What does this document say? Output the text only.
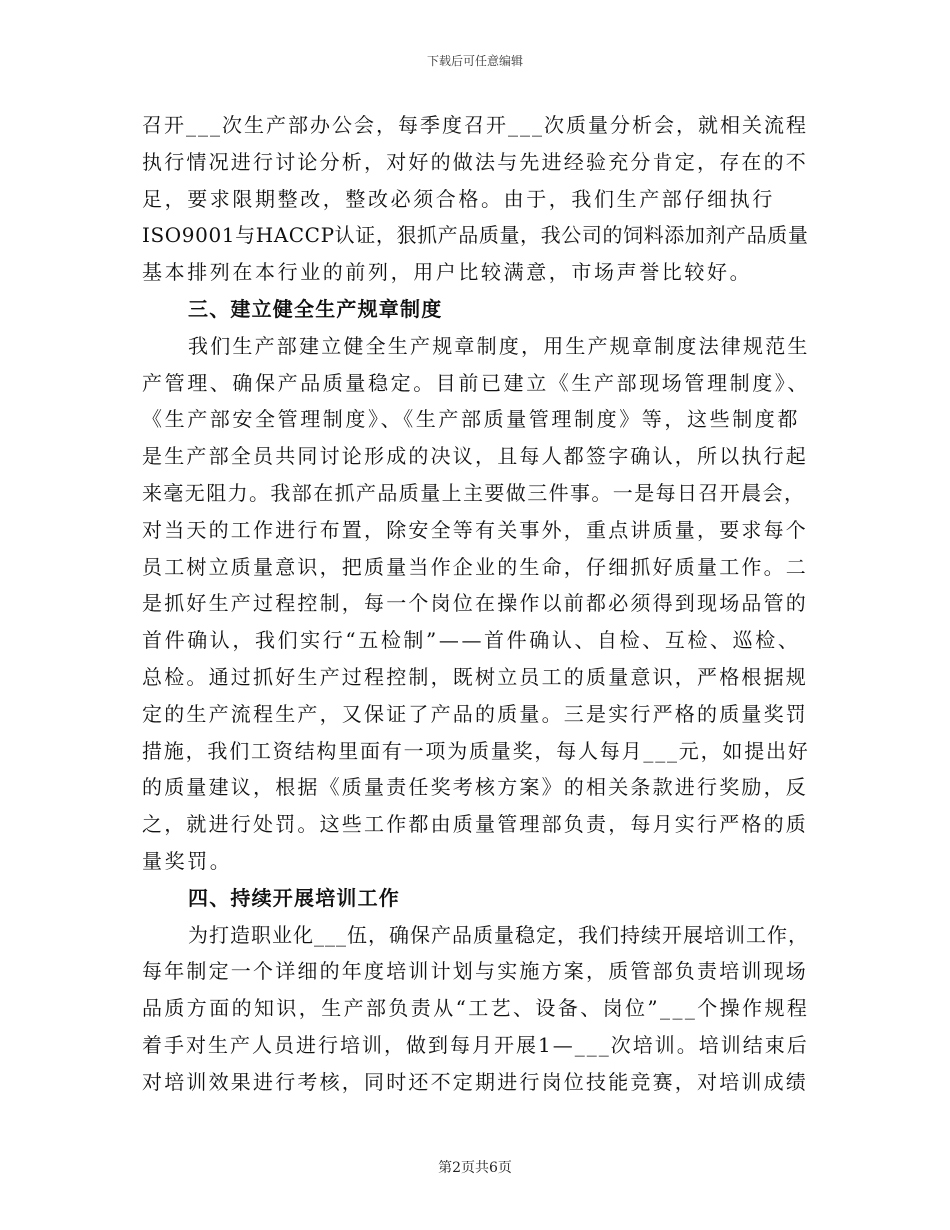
下载后可任意编辑
召开___次生产部办公会，每季度召开___次质量分析会，就相关流程
执行情况进行讨论分析，对好的做法与先进经验充分肯定，存在的不
足，要求限期整改，整改必须合格。由于，我们生产部仔细执行
ISO9001与HACCP认证，狠抓产品质量，我公司的饲料添加剂产品质量
基本排列在本行业的前列，用户比较满意，市场声誉比较好。
三、建立健全生产规章制度
我们生产部建立健全生产规章制度，用生产规章制度法律规范生
产管理、确保产品质量稳定。目前已建立《生产部现场管理制度》、
《生产部安全管理制度》、《生产部质量管理制度》等，这些制度都
是生产部全员共同讨论形成的决议，且每人都签字确认，所以执行起
来毫无阻力。我部在抓产品质量上主要做三件事。一是每日召开晨会，
对当天的工作进行布置，除安全等有关事外，重点讲质量，要求每个
员工树立质量意识，把质量当作企业的生命，仔细抓好质量工作。二
是抓好生产过程控制，每一个岗位在操作以前都必须得到现场品管的
首件确认，我们实行“五检制”——首件确认、自检、互检、巡检、
总检。通过抓好生产过程控制，既树立员工的质量意识，严格根据规
定的生产流程生产，又保证了产品的质量。三是实行严格的质量奖罚
措施，我们工资结构里面有一项为质量奖，每人每月___元，如提出好
的质量建议，根据《质量责任奖考核方案》的相关条款进行奖励，反
之，就进行处罚。这些工作都由质量管理部负责，每月实行严格的质
量奖罚。
四、持续开展培训工作
为打造职业化___伍，确保产品质量稳定，我们持续开展培训工作，
每年制定一个详细的年度培训计划与实施方案，质管部负责培训现场
品质方面的知识，生产部负责从“工艺、设备、岗位”___个操作规程
着手对生产人员进行培训，做到每月开展1—___次培训。培训结束后
对培训效果进行考核，同时还不定期进行岗位技能竞赛，对培训成绩
第2页共6页
